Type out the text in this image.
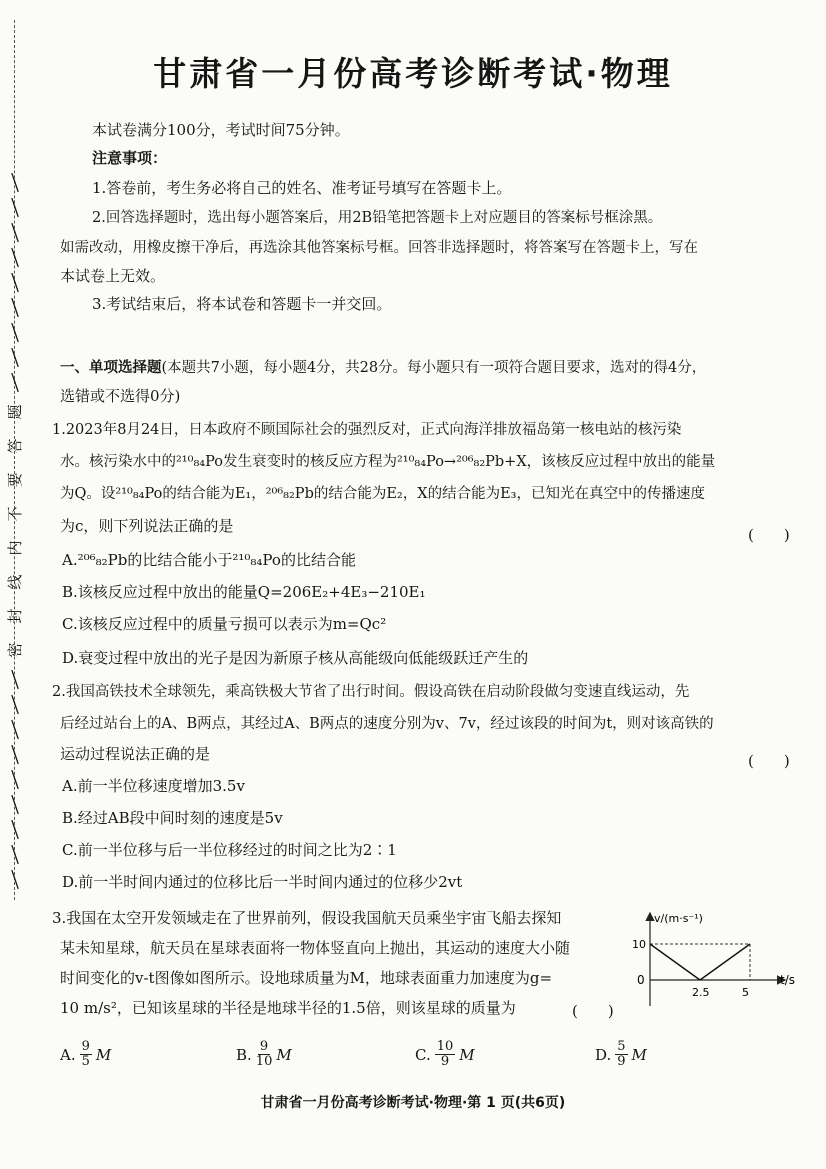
╲
╲
╲
╲
╲
╲
╲
╲
╲
题
答
要
不
内
线
封
密
╲
╲
╲
╲
╲
╲
╲
╲
╲
甘肃省一月份高考诊断考试·物理
本试卷满分100分，考试时间75分钟。
注意事项：
1.答卷前，考生务必将自己的姓名、准考证号填写在答题卡上。
2.回答选择题时，选出每小题答案后，用2B铅笔把答题卡上对应题目的答案标号框涂黑。
如需改动，用橡皮擦干净后，再选涂其他答案标号框。回答非选择题时，将答案写在答题卡上，写在
本试卷上无效。
3.考试结束后，将本试卷和答题卡一并交回。
一、单项选择题(本题共7小题，每小题4分，共28分。每小题只有一项符合题目要求，选对的得4分，
选错或不选得0分)
1.2023年8月24日，日本政府不顾国际社会的强烈反对，正式向海洋排放福岛第一核电站的核污染
水。核污染水中的²¹⁰₈₄Po发生衰变时的核反应方程为²¹⁰₈₄Po→²⁰⁶₈₂Pb+X，该核反应过程中放出的能量
为Q。设²¹⁰₈₄Po的结合能为E₁，²⁰⁶₈₂Pb的结合能为E₂，X的结合能为E₃，已知光在真空中的传播速度
为c，则下列说法正确的是	(　　)
A.²⁰⁶₈₂Pb的比结合能小于²¹⁰₈₄Po的比结合能
B.该核反应过程中放出的能量Q=206E₂+4E₃−210E₁
C.该核反应过程中的质量亏损可以表示为m=Qc²
D.衰变过程中放出的光子是因为新原子核从高能级向低能级跃迁产生的
2.我国高铁技术全球领先，乘高铁极大节省了出行时间。假设高铁在启动阶段做匀变速直线运动，先
后经过站台上的A、B两点，其经过A、B两点的速度分别为v、7v，经过该段的时间为t，则对该高铁的
运动过程说法正确的是	(　　)
A.前一半位移速度增加3.5v
B.经过AB段中间时刻的速度是5v
C.前一半位移与后一半位移经过的时间之比为2∶1
D.前一半时间内通过的位移比后一半时间内通过的位移少2vt
3.我国在太空开发领域走在了世界前列，假设我国航天员乘坐宇宙飞船去探知
某未知星球，航天员在星球表面将一物体竖直向上抛出，其运动的速度大小随
时间变化的v-t图像如图所示。设地球质量为M，地球表面重力加速度为g=
10 m/s²，已知该星球的半径是地球半径的1.5倍，则该星球的质量为	(　　)
10
2.5	5
v/(m·s⁻¹)
t/s
0
A. $\frac{9}{5}$ M	B. $\frac{9}{10}$ M	C. $\frac{10}{9}$ M	D. $\frac{5}{9}$ M
甘肃省一月份高考诊断考试·物理·第 1 页(共6页)
